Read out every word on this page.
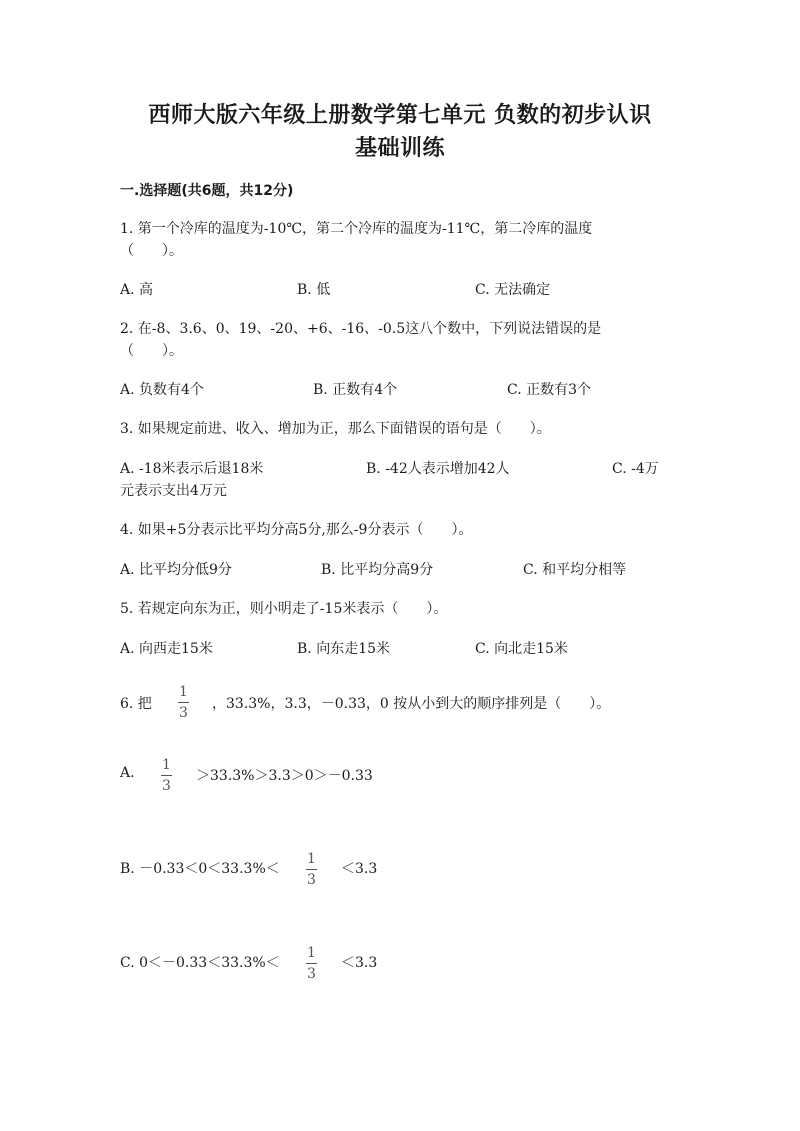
西师大版六年级上册数学第七单元 负数的初步认识
基础训练
一.选择题(共6题，共12分)
1. 第一个冷库的温度为-10℃，第二个冷库的温度为-11℃，第二冷库的温度
（　　）。
A. 高	B. 低	C. 无法确定
2. 在-8、3.6、0、19、-20、+6、-16、-0.5这八个数中，下列说法错误的是
（　　）。
A. 负数有4个	B. 正数有4个	C. 正数有3个
3. 如果规定前进、收入、增加为正，那么下面错误的语句是（　　）。
A. -18米表示后退18米	B. -42人表示增加42人	C. -4万
元表示支出4万元
4. 如果+5分表示比平均分高5分,那么-9分表示（　　）。
A. 比平均分低9分	B. 比平均分高9分	C. 和平均分相等
5. 若规定向东为正，则小明走了-15米表示（　　）。
A. 向西走15米	B. 向东走15米	C. 向北走15米
6. 把
1
3
，33.3%，3.3，－0.33，0 按从小到大的顺序排列是（　　）。
A. 1
3
＞33.3%＞3.3＞0＞－0.33
B. －0.33＜0＜33.3%＜
1
3
＜3.3
C. 0＜－0.33＜33.3%＜
1
3
＜3.3
